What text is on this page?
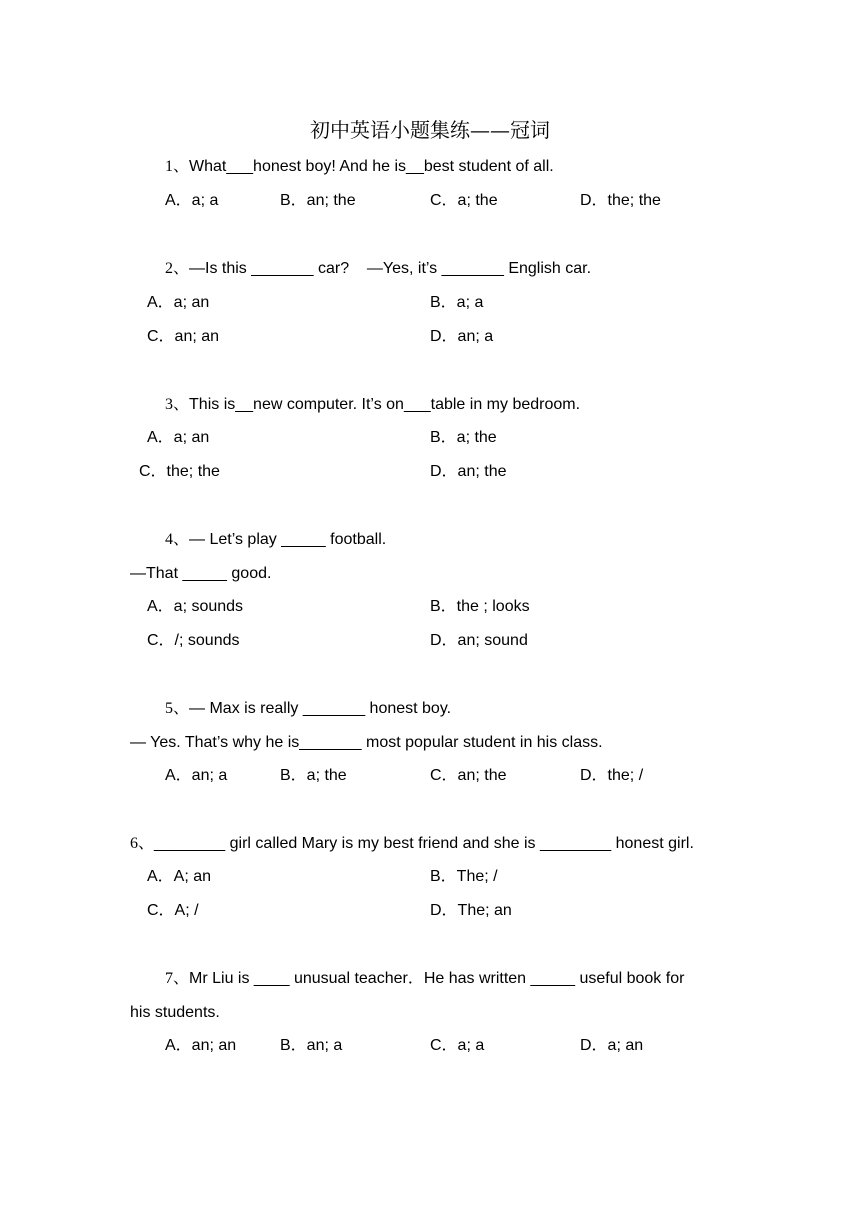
初中英语小题集练——冠词
1、What___honest boy! And he is__best student of all.
A．a; a	B．an; the	C．a; the	D．the; the
2、—Is this _______ car?    —Yes, it’s _______ English car.
A．a; an	B．a; a
C．an; an	D．an; a
3、This is__new computer. It’s on___table in my bedroom.
A．a; an	B．a; the
C．the; the	D．an; the
4、— Let’s play _____ football.
—That _____ good.
A．a; sounds	B．the ; looks
C．/; sounds	D．an; sound
5、— Max is really _______ honest boy.
— Yes. That’s why he is_______ most popular student in his class.
A．an; a	B．a; the	C．an; the	D．the; /
6、________ girl called Mary is my best friend and she is ________ honest girl.
A．A; an	B．The; /
C．A; /	D．The; an
7、Mr Liu is ____ unusual teacher．He has written _____ useful book for
his students.
A．an; an	B．an; a	C．a; a	D．a; an
